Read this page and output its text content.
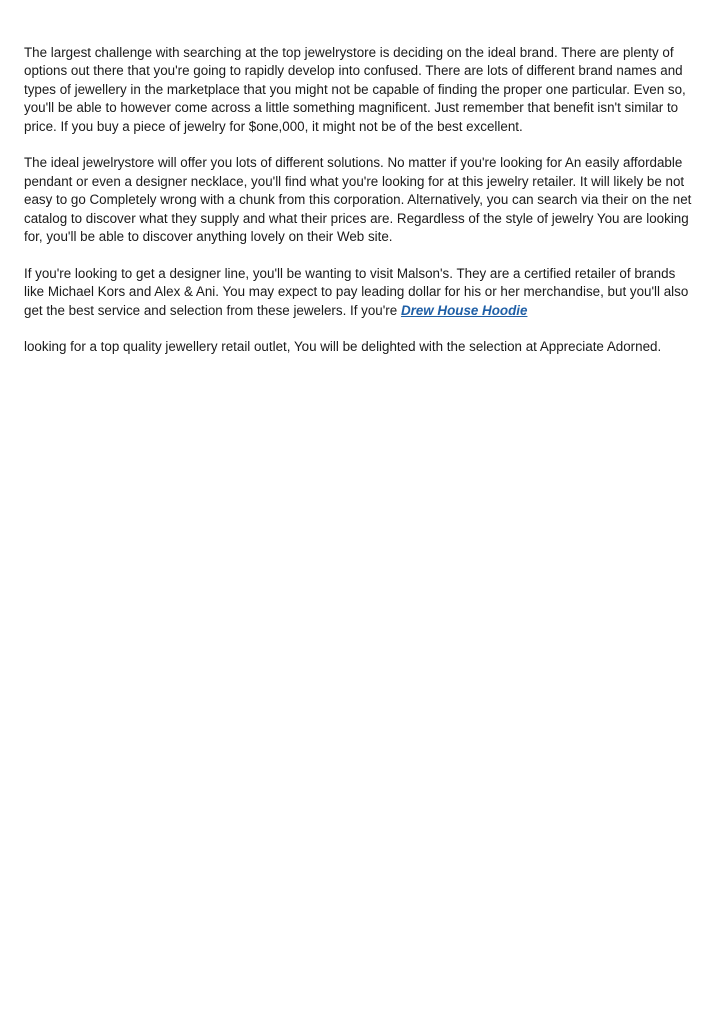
The largest challenge with searching at the top jewelrystore is deciding on the ideal brand. There are plenty of options out there that you're going to rapidly develop into confused. There are lots of different brand names and types of jewellery in the marketplace that you might not be capable of finding the proper one particular. Even so, you'll be able to however come across a little something magnificent. Just remember that benefit isn't similar to price. If you buy a piece of jewelry for $one,000, it might not be of the best excellent.

The ideal jewelrystore will offer you lots of different solutions. No matter if you're looking for An easily affordable pendant or even a designer necklace, you'll find what you're looking for at this jewelry retailer. It will likely be not easy to go Completely wrong with a chunk from this corporation. Alternatively, you can search via their on the net catalog to discover what they supply and what their prices are. Regardless of the style of jewelry You are looking for, you'll be able to discover anything lovely on their Web site.

If you're looking to get a designer line, you'll be wanting to visit Malson's. They are a certified retailer of brands like Michael Kors and Alex & Ani. You may expect to pay leading dollar for his or her merchandise, but you'll also get the best service and selection from these jewelers. If you're Drew House Hoodie

looking for a top quality jewellery retail outlet, You will be delighted with the selection at Appreciate Adorned.
